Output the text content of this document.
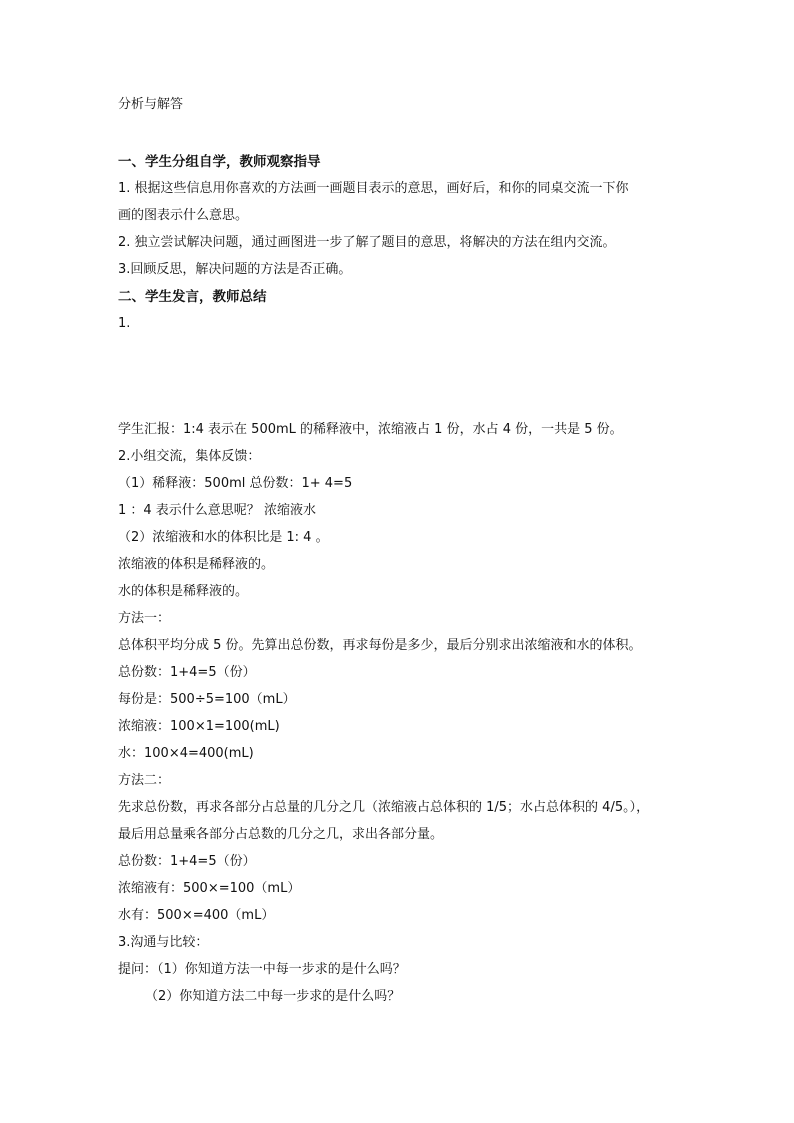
分析与解答
一、学生分组自学，教师观察指导
1. 根据这些信息用你喜欢的方法画一画题目表示的意思，画好后，和你的同桌交流一下你
画的图表示什么意思。
2. 独立尝试解决问题，通过画图进一步了解了题目的意思，将解决的方法在组内交流。
3.回顾反思，解决问题的方法是否正确。
二、学生发言，教师总结
1.
学生汇报：1:4 表示在 500mL 的稀释液中，浓缩液占 1 份，水占 4 份，一共是 5 份。
2.小组交流，集体反馈：
（1）稀释液：500ml 总份数：1+ 4=5
1 ：4 表示什么意思呢？ 浓缩液水
（2）浓缩液和水的体积比是 1: 4 。
浓缩液的体积是稀释液的。
水的体积是稀释液的。
方法一：
总体积平均分成 5 份。先算出总份数，再求每份是多少，最后分别求出浓缩液和水的体积。
总份数：1+4=5（份）
每份是：500÷5=100（mL）
浓缩液：100×1=100(mL)
水：100×4=400(mL)
方法二：
先求总份数，再求各部分占总量的几分之几（浓缩液占总体积的 1/5；水占总体积的 4/5。），
最后用总量乘各部分占总数的几分之几，求出各部分量。
总份数：1+4=5（份）
浓缩液有：500×=100（mL）
水有：500×=400（mL）
3.沟通与比较：
提问：（1）你知道方法一中每一步求的是什么吗？
（2）你知道方法二中每一步求的是什么吗？
